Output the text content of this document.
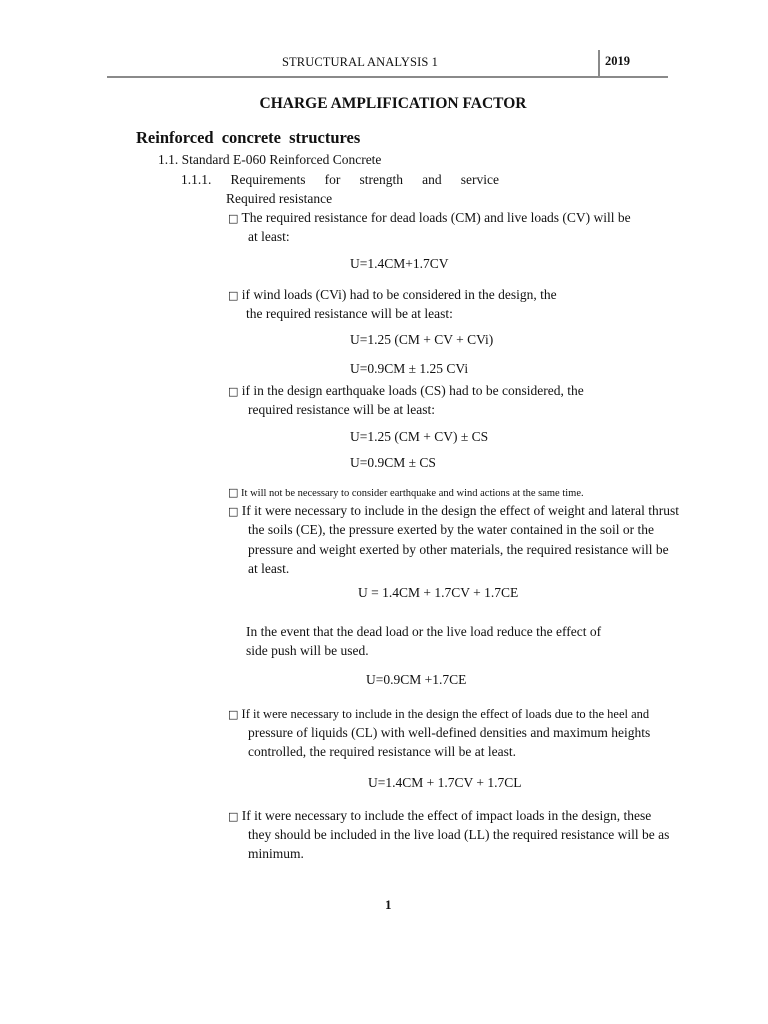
STRUCTURAL ANALYSIS 1	2019
CHARGE AMPLIFICATION FACTOR
Reinforced concrete structures
1.1. Standard E-060 Reinforced Concrete
1.1.1. Requirements for strength and service
Required resistance
□ The required resistance for dead loads (CM) and live loads (CV) will be
at least:
U=1.4CM+1.7CV
□ if wind loads (CVi) had to be considered in the design, the
the required resistance will be at least:
U=1.25 (CM + CV + CVi)
U=0.9CM ± 1.25 CVi
□ if in the design earthquake loads (CS) had to be considered, the
required resistance will be at least:
U=1.25 (CM + CV) ± CS
U=0.9CM ± CS
□ It will not be necessary to consider earthquake and wind actions at the same time.
□ If it were necessary to include in the design the effect of weight and lateral thrust
the soils (CE), the pressure exerted by the water contained in the soil or the
pressure and weight exerted by other materials, the required resistance will be
at least.
U = 1.4CM + 1.7CV + 1.7CE
In the event that the dead load or the live load reduce the effect of
side push will be used.
U=0.9CM +1.7CE
□ If it were necessary to include in the design the effect of loads due to the heel and
pressure of liquids (CL) with well-defined densities and maximum heights
controlled, the required resistance will be at least.
U=1.4CM + 1.7CV + 1.7CL
□ If it were necessary to include the effect of impact loads in the design, these
they should be included in the live load (LL) the required resistance will be as
minimum.
1
